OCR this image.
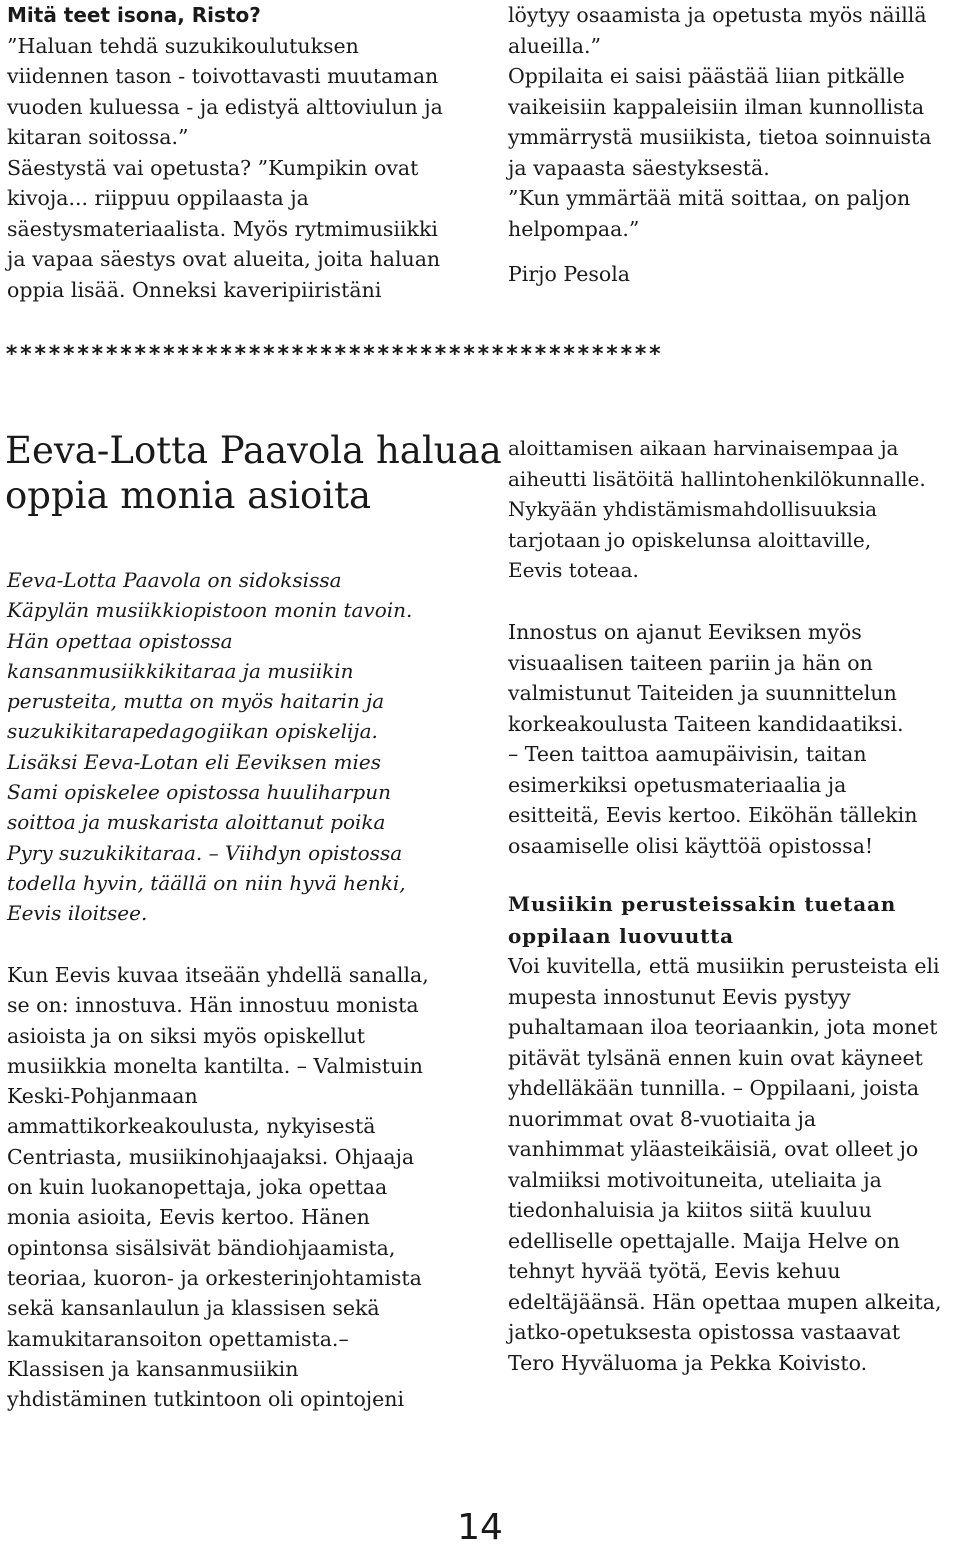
Mitä teet isona, Risto?
”Haluan tehdä suzukikoulutuksen
viidennen tason - toivottavasti muutaman
vuoden kuluessa - ja edistyä alttoviulun ja
kitaran soitossa.”
Säestystä vai opetusta? ”Kumpikin ovat
kivoja... riippuu oppilaasta ja
säestysmateriaalista. Myös rytmimusiikki
ja vapaa säestys ovat alueita, joita haluan
oppia lisää. Onneksi kaveripiiristäni
löytyy osaamista ja opetusta myös näillä
alueilla.”
Oppilaita ei saisi päästää liian pitkälle
vaikeisiin kappaleisiin ilman kunnollista
ymmärrystä musiikista, tietoa soinnuista
ja vapaasta säestyksestä.
”Kun ymmärtää mitä soittaa, on paljon
helpompaa.”
Pirjo Pesola
**********************************************
Eeva-Lotta Paavola haluaa
oppia monia asioita
Eeva-Lotta Paavola on sidoksissa
Käpylän musiikkiopistoon monin tavoin.
Hän opettaa opistossa
kansanmusiikkikitaraa ja musiikin
perusteita, mutta on myös haitarin ja
suzukikitarapedagogiikan opiskelija.
Lisäksi Eeva-Lotan eli Eeviksen mies
Sami opiskelee opistossa huuliharpun
soittoa ja muskarista aloittanut poika
Pyry suzukikitaraa. – Viihdyn opistossa
todella hyvin, täällä on niin hyvä henki,
Eevis iloitsee.
Kun Eevis kuvaa itseään yhdellä sanalla,
se on: innostuva. Hän innostuu monista
asioista ja on siksi myös opiskellut
musiikkia monelta kantilta. – Valmistuin
Keski-Pohjanmaan
ammattikorkeakoulusta, nykyisestä
Centriasta, musiikinohjaajaksi. Ohjaaja
on kuin luokanopettaja, joka opettaa
monia asioita, Eevis kertoo. Hänen
opintonsa sisälsivät bändiohjaamista,
teoriaa, kuoron- ja orkesterinjohtamista
sekä kansanlaulun ja klassisen sekä
kamukitaransoiton opettamista.–
Klassisen ja kansanmusiikin
yhdistäminen tutkintoon oli opintojeni
aloittamisen aikaan harvinaisempaa ja
aiheutti lisätöitä hallintohenkilökunnalle.
Nykyään yhdistämismahdollisuuksia
tarjotaan jo opiskelunsa aloittaville,
Eevis toteaa.
Innostus on ajanut Eeviksen myös
visuaalisen taiteen pariin ja hän on
valmistunut Taiteiden ja suunnittelun
korkeakoulusta Taiteen kandidaatiksi.
– Teen taittoa aamupäivisin, taitan
esimerkiksi opetusmateriaalia ja
esitteitä, Eevis kertoo. Eiköhän tällekin
osaamiselle olisi käyttöä opistossa!
Musiikin perusteissakin tuetaan
oppilaan luovuutta
Voi kuvitella, että musiikin perusteista eli
mupesta innostunut Eevis pystyy
puhaltamaan iloa teoriaankin, jota monet
pitävät tylsänä ennen kuin ovat käyneet
yhdelläkään tunnilla. – Oppilaani, joista
nuorimmat ovat 8-vuotiaita ja
vanhimmat yläasteikäisiä, ovat olleet jo
valmiiksi motivoituneita, uteliaita ja
tiedonhaluisia ja kiitos siitä kuuluu
edelliselle opettajalle. Maija Helve on
tehnyt hyvää työtä, Eevis kehuu
edeltäjäänsä. Hän opettaa mupen alkeita,
jatko-opetuksesta opistossa vastaavat
Tero Hyväluoma ja Pekka Koivisto.
14
